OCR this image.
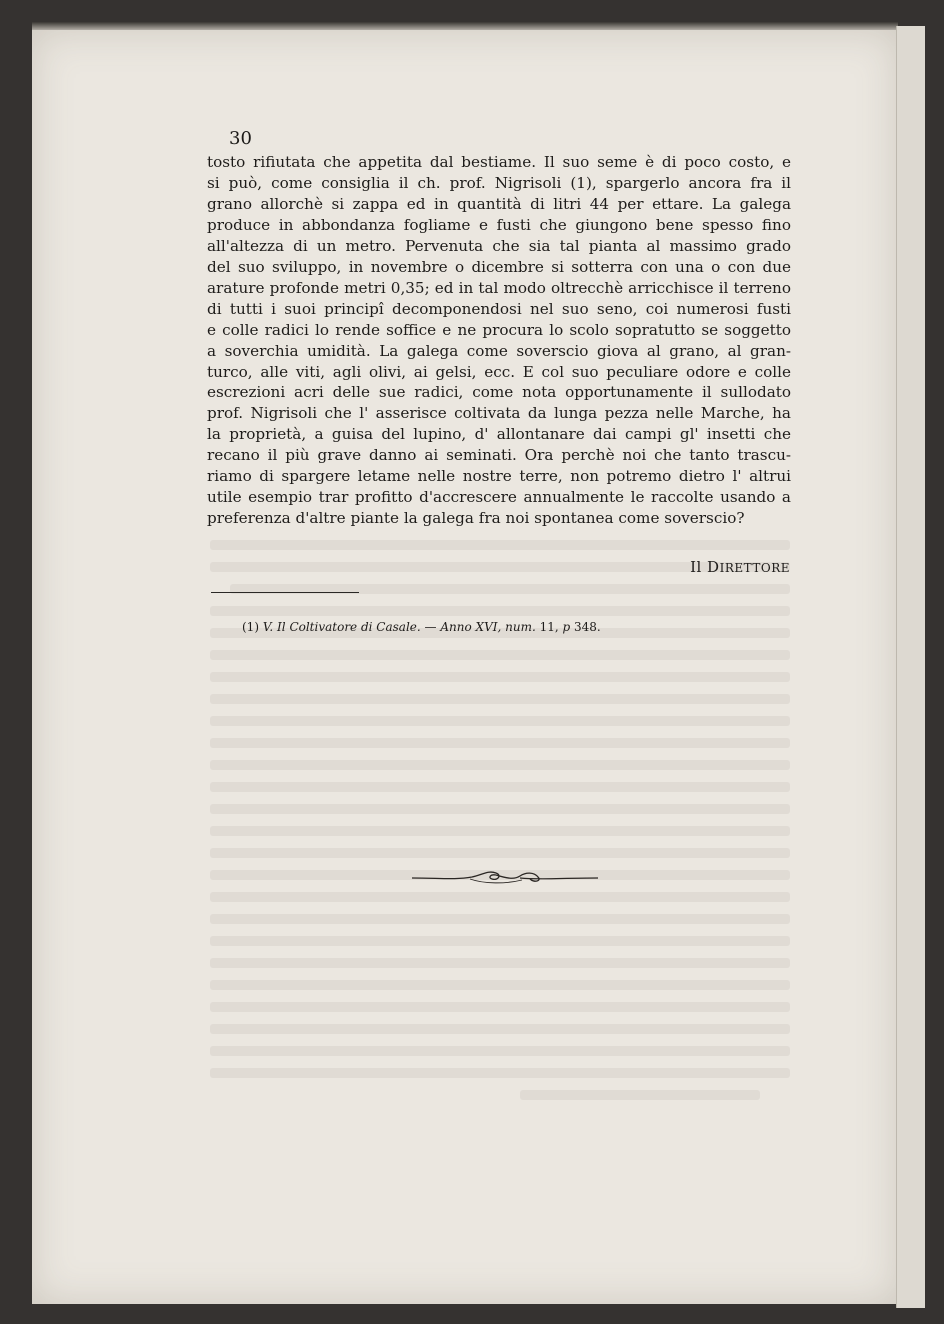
30
tosto rifiutata che appetita dal bestiame. Il suo seme è di poco costo, e
si può, come consiglia il ch. prof. Nigrisoli (1), spargerlo ancora fra il
grano allorchè si zappa ed in quantità di litri 44 per ettare. La galega
produce in abbondanza fogliame e fusti che giungono bene spesso fino
all'altezza di un metro. Pervenuta che sia tal pianta al massimo grado
del suo sviluppo, in novembre o dicembre si sotterra con una o con due
arature profonde metri 0,35; ed in tal modo oltrecchè arricchisce il terreno
di tutti i suoi principî decomponendosi nel suo seno, coi numerosi fusti
e colle radici lo rende soffice e ne procura lo scolo sopratutto se soggetto
a soverchia umidità. La galega come soverscio giova al grano, al gran-
turco, alle viti, agli olivi, ai gelsi, ecc. E col suo peculiare odore e colle
escrezioni acri delle sue radici, come nota opportunamente il sullodato
prof. Nigrisoli che l' asserisce coltivata da lunga pezza nelle Marche, ha
la proprietà, a guisa del lupino, d' allontanare dai campi gl' insetti che
recano il più grave danno ai seminati. Ora perchè noi che tanto trascu-
riamo di spargere letame nelle nostre terre, non potremo dietro l' altrui
utile esempio trar profitto d'accrescere annualmente le raccolte usando a
preferenza d'altre piante la galega fra noi spontanea come soverscio?
Il DIRETTORE
(1) V. Il Coltivatore di Casale. — Anno XVI, num. 11, p 348.
